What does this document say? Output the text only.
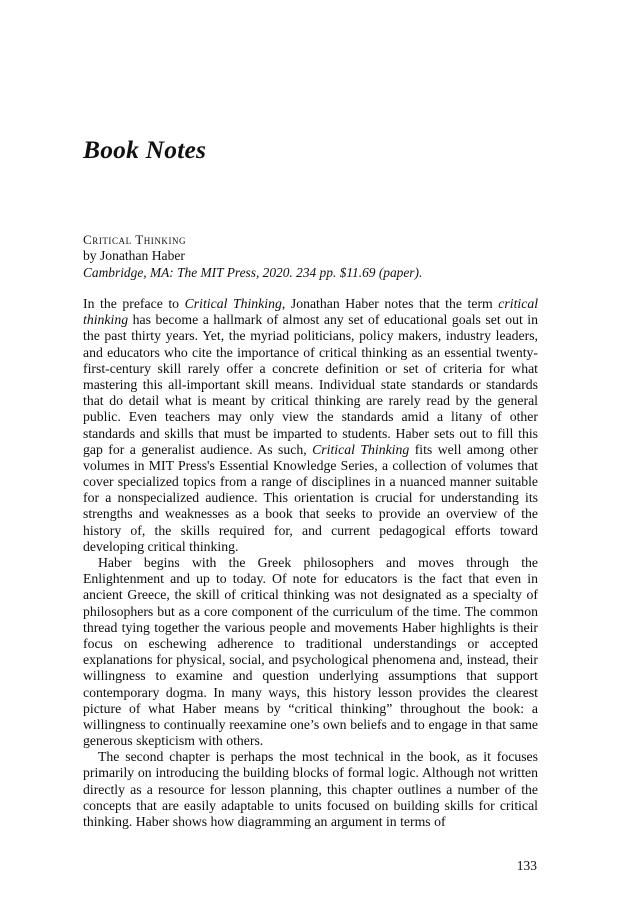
Book Notes
Critical Thinking
by Jonathan Haber
Cambridge, MA: The MIT Press, 2020. 234 pp. $11.69 (paper).

In the preface to Critical Thinking, Jonathan Haber notes that the term critical thinking has become a hallmark of almost any set of educational goals set out in the past thirty years. Yet, the myriad politicians, policy makers, industry leaders, and educators who cite the importance of critical thinking as an essential twenty-first-century skill rarely offer a concrete definition or set of criteria for what mastering this all-important skill means. Individual state standards or standards that do detail what is meant by critical thinking are rarely read by the general public. Even teachers may only view the standards amid a litany of other standards and skills that must be imparted to students. Haber sets out to fill this gap for a generalist audience. As such, Critical Thinking fits well among other volumes in MIT Press's Essential Knowledge Series, a collection of volumes that cover specialized topics from a range of disciplines in a nuanced manner suitable for a nonspecialized audience. This orientation is crucial for understanding its strengths and weaknesses as a book that seeks to provide an overview of the history of, the skills required for, and current pedagogical efforts toward developing critical thinking.

Haber begins with the Greek philosophers and moves through the Enlightenment and up to today. Of note for educators is the fact that even in ancient Greece, the skill of critical thinking was not designated as a specialty of philosophers but as a core component of the curriculum of the time. The common thread tying together the various people and movements Haber highlights is their focus on eschewing adherence to traditional understandings or accepted explanations for physical, social, and psychological phenomena and, instead, their willingness to examine and question underlying assumptions that support contemporary dogma. In many ways, this history lesson provides the clearest picture of what Haber means by “critical thinking” throughout the book: a willingness to continually reexamine one’s own beliefs and to engage in that same generous skepticism with others.

The second chapter is perhaps the most technical in the book, as it focuses primarily on introducing the building blocks of formal logic. Although not written directly as a resource for lesson planning, this chapter outlines a number of the concepts that are easily adaptable to units focused on building skills for critical thinking. Haber shows how diagramming an argument in terms of

133
